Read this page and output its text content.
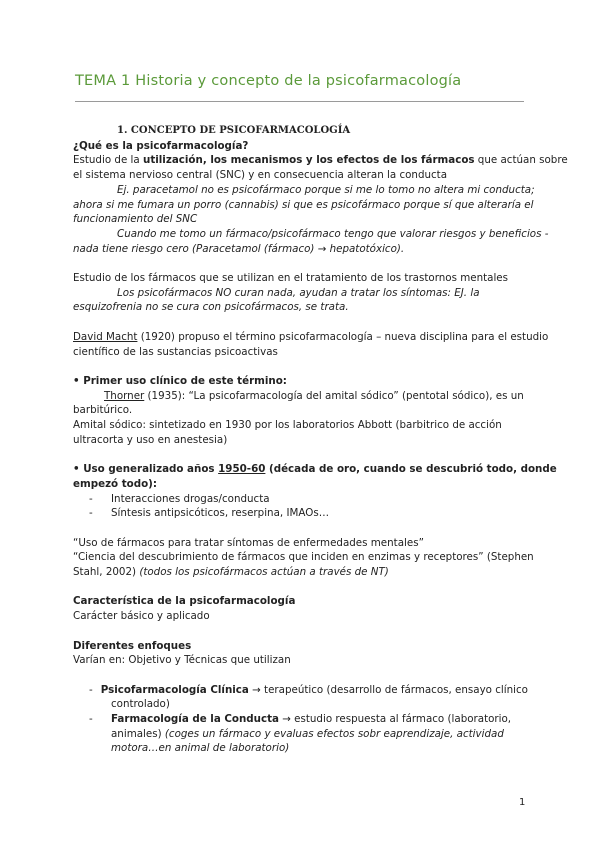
TEMA 1 Historia y concepto de la psicofarmacología
1. CONCEPTO DE PSICOFARMACOLOGÍA
¿Qué es la psicofarmacología?
Estudio de la utilización, los mecanismos y los efectos de los fármacos que actúan sobre
el sistema nervioso central (SNC) y en consecuencia alteran la conducta
Ej. paracetamol no es psicofármaco porque si me lo tomo no altera mi conducta;
ahora si me fumara un porro (cannabis) si que es psicofármaco porque sí que alteraría el
funcionamiento del SNC
Cuando me tomo un fármaco/psicofármaco tengo que valorar riesgos y beneficios -
nada tiene riesgo cero (Paracetamol (fármaco) → hepatotóxico).
Estudio de los fármacos que se utilizan en el tratamiento de los trastornos mentales
Los psicofármacos NO curan nada, ayudan a tratar los síntomas: EJ. la
esquizofrenia no se cura con psicofármacos, se trata.
David Macht (1920) propuso el término psicofarmacología – nueva disciplina para el estudio
científico de las sustancias psicoactivas
• Primer uso clínico de este término:
Thorner (1935): “La psicofarmacología del amital sódico” (pentotal sódico), es un
barbitúrico.
Amital sódico: sintetizado en 1930 por los laboratorios Abbott (barbitrico de acción
ultracorta y uso en anestesia)
• Uso generalizado años 1950-60 (década de oro, cuando se descubrió todo, donde
empezó todo):
-	Interacciones drogas/conducta
-	Síntesis antipsicóticos, reserpina, IMAOs…
“Uso de fármacos para tratar síntomas de enfermedades mentales”
“Ciencia del descubrimiento de fármacos que inciden en enzimas y receptores” (Stephen
Stahl, 2002) (todos los psicofármacos actúan a través de NT)
Característica de la psicofarmacología
Carácter básico y aplicado
Diferentes enfoques
Varían en: Objetivo y Técnicas que utilizan
- Psicofarmacología Clínica → terapeútico (desarrollo de fármacos, ensayo clínico
controlado)
-	Farmacología de la Conducta → estudio respuesta al fármaco (laboratorio,
animales) (coges un fármaco y evaluas efectos sobr eaprendizaje, actividad
motora…en animal de laboratorio)
1
